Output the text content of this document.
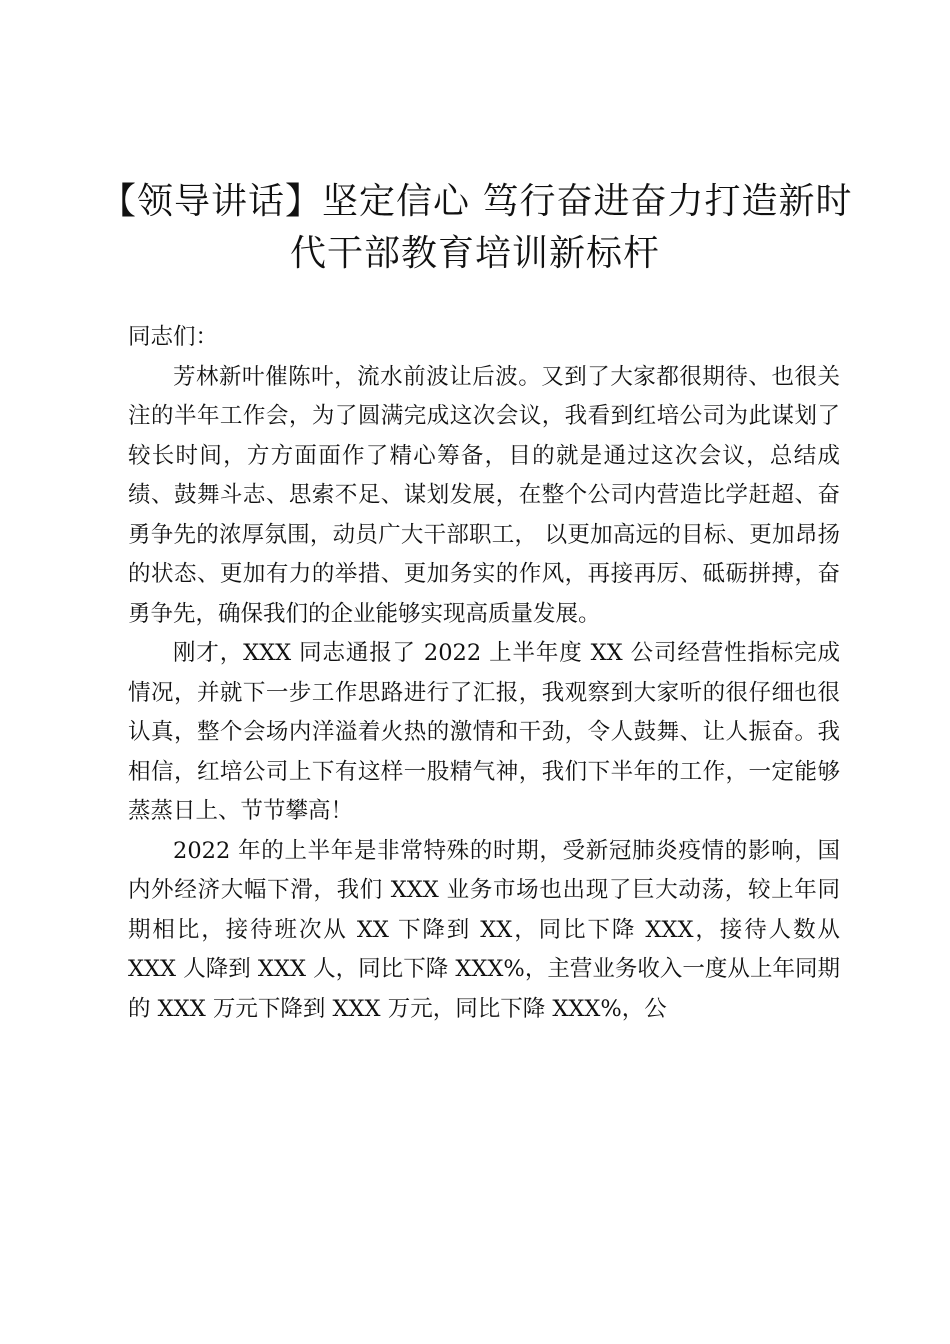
【领导讲话】坚定信心 笃行奋进奋力打造新时
代干部教育培训新标杆

同志们：

芳林新叶催陈叶，流水前波让后波。又到了大家都很期待、也很关注的半年工作会，为了圆满完成这次会议，我看到红培公司为此谋划了较长时间，方方面面作了精心筹备，目的就是通过这次会议，总结成绩、鼓舞斗志、思索不足、谋划发展，在整个公司内营造比学赶超、奋勇争先的浓厚氛围，动员广大干部职工， 以更加高远的目标、更加昂扬的状态、更加有力的举措、更加务实的作风，再接再厉、砥砺拼搏，奋勇争先，确保我们的企业能够实现高质量发展。

刚才，XXX 同志通报了 2022 上半年度 XX 公司经营性指标完成情况，并就下一步工作思路进行了汇报，我观察到大家听的很仔细也很认真，整个会场内洋溢着火热的激情和干劲，令人鼓舞、让人振奋。我相信，红培公司上下有这样一股精气神，我们下半年的工作，一定能够蒸蒸日上、节节攀高！

2022 年的上半年是非常特殊的时期，受新冠肺炎疫情的影响，国内外经济大幅下滑，我们 XXX 业务市场也出现了巨大动荡，较上年同期相比，接待班次从 XX 下降到 XX，同比下降 XXX，接待人数从 XXX 人降到 XXX 人，同比下降 XXX%，主营业务收入一度从上年同期的 XXX 万元下降到 XXX 万元，同比下降 XXX%，公
